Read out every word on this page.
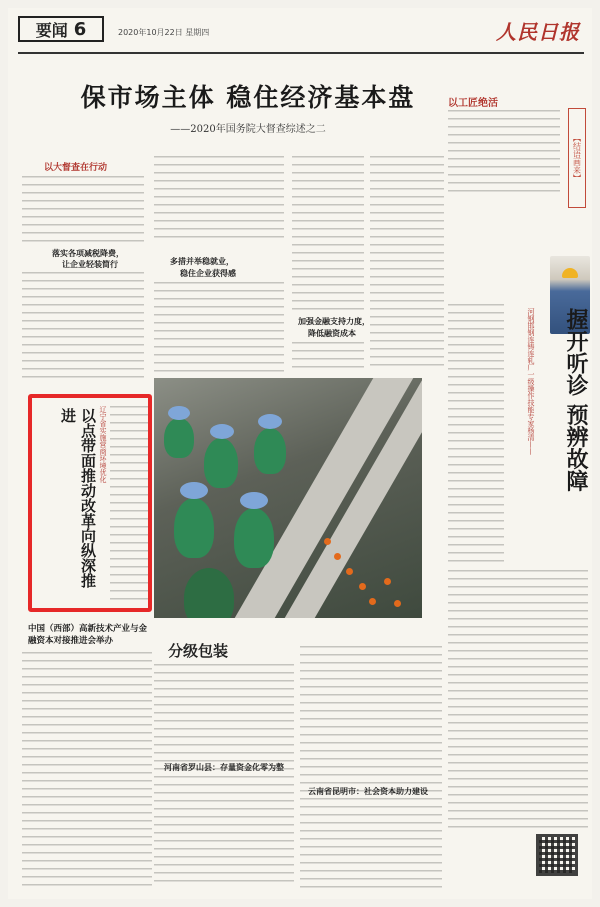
要闻 6	2020年10月22日 星期四	人民日报
保市场主体 稳住经济基本盘
——2020年国务院大督查综述之二
以大督查在行动
落实各项减税降费，
让企业轻装简行	多措并举稳就业，
稳住企业获得感
加强金融支持力度，
降低融资成本
以工匠绝活
【结语画来】
河钢邯钢连铸连轧厂一级操作技能专家杨清——	握开听诊 预辨故障
以点带面推动改革向纵深推进	辽宁省实施营商环境优化
中国（西部）高新技术产业与金融资本对接推进会举办
分级包装
河南省罗山县：存量资金化零为整
云南省昆明市：社会资本助力建设
